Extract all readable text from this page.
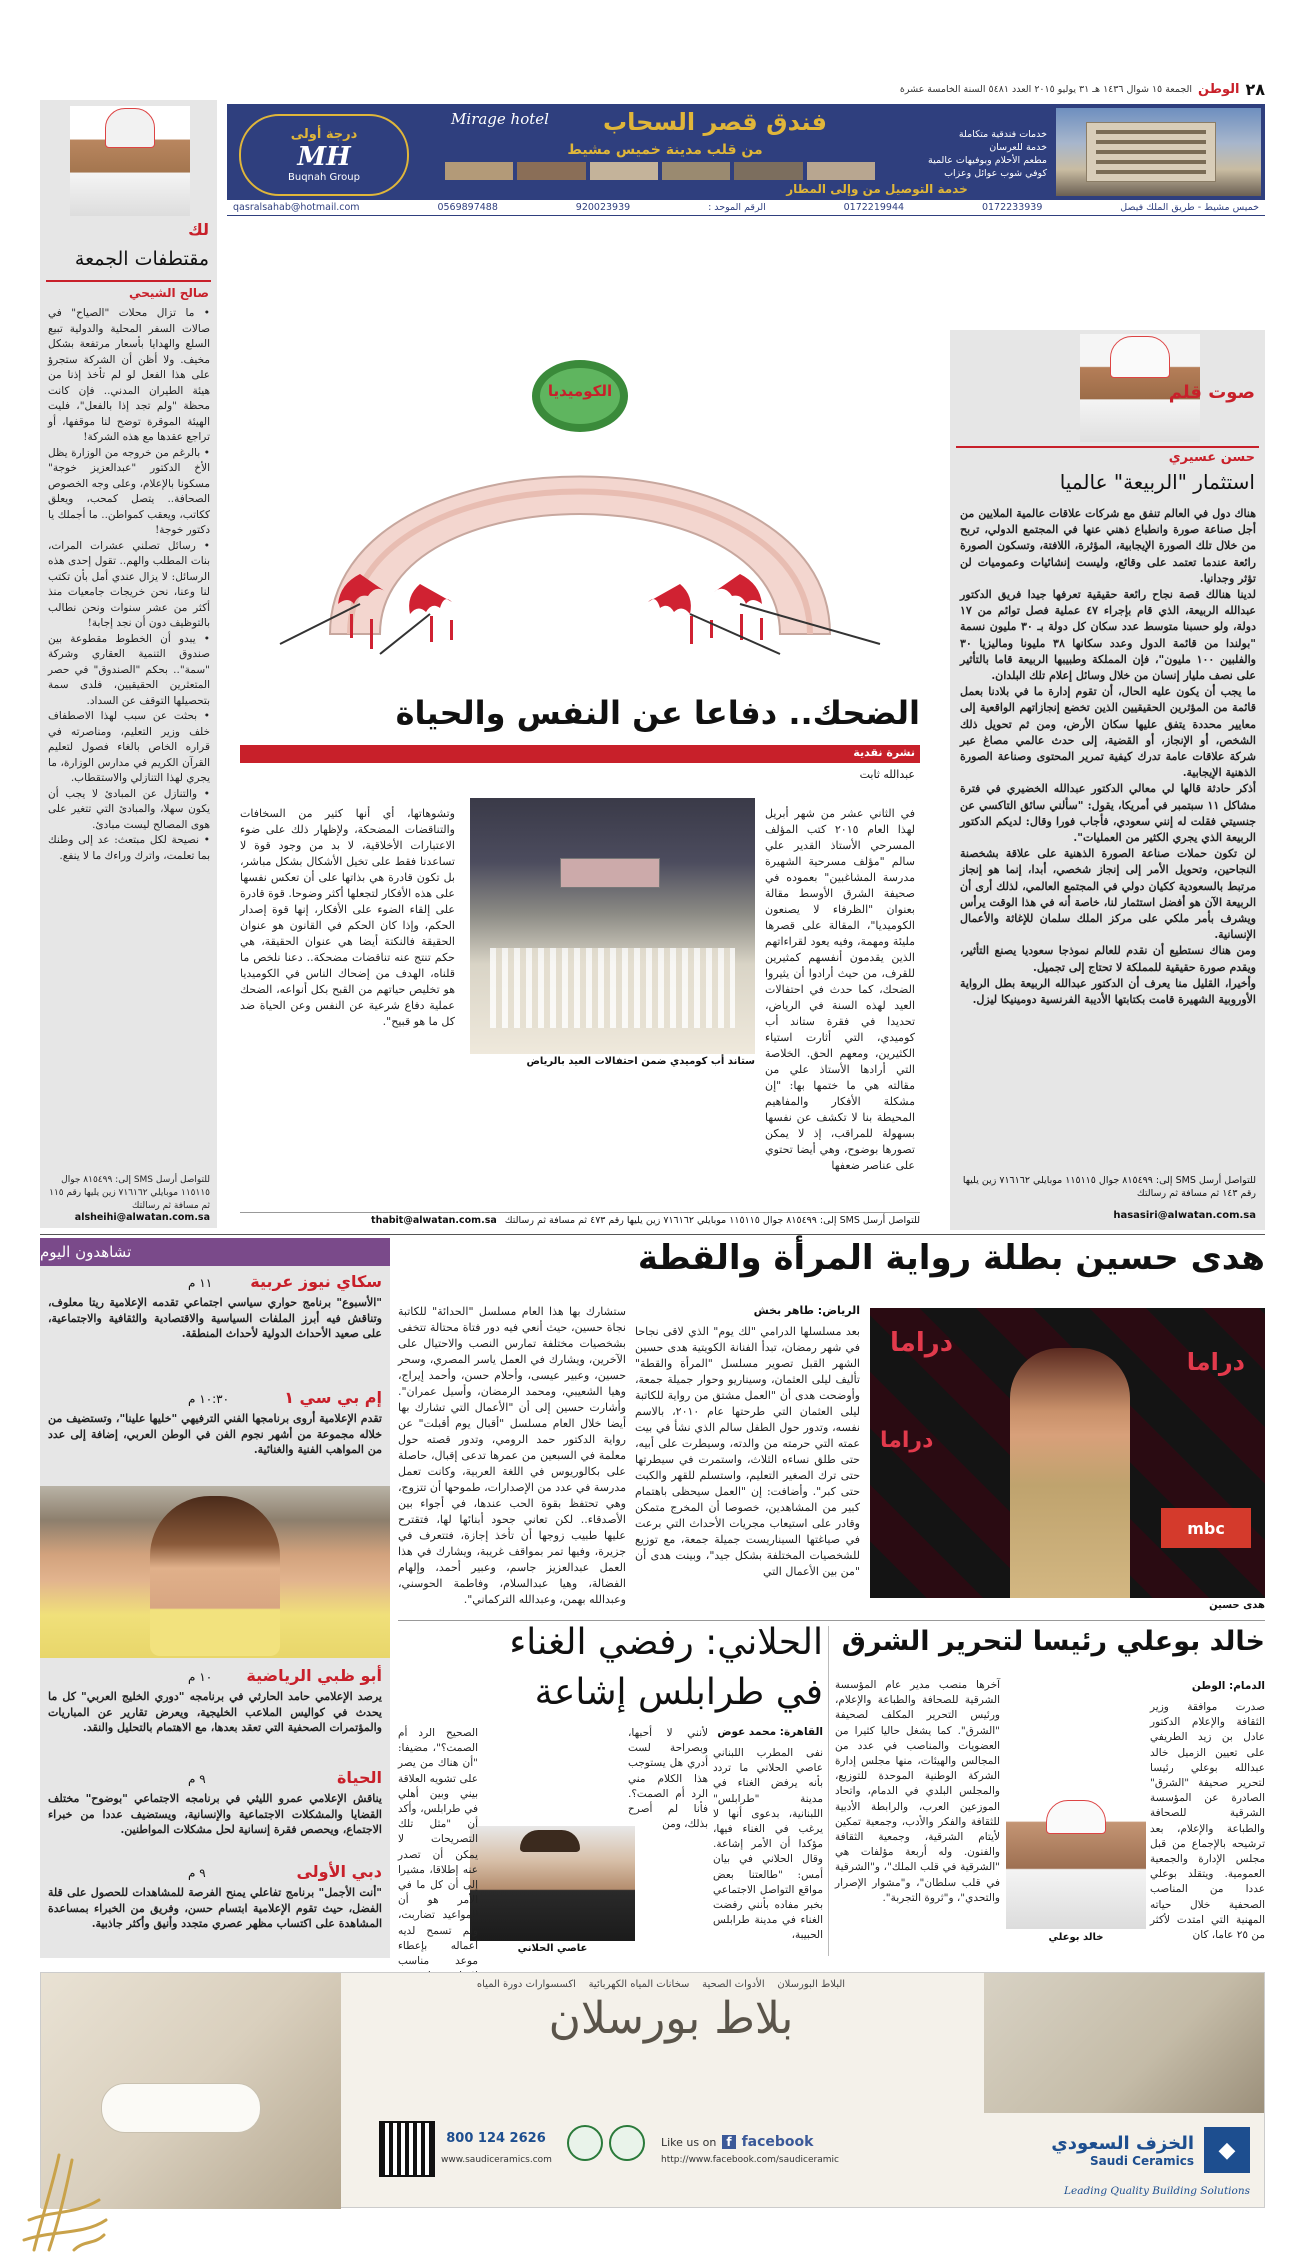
٢٨
الوطن
الجمعة ١٥ شوال ١٤٣٦ هـ ٣١ يوليو ٢٠١٥ العدد ٥٤٨١ السنة الخامسة عشرة
خدمات فندقية متكاملة
خدمة للعرسان
مطعم الأحلام وبوفيهات عالمية
كوفي شوب عوائل وعزاب
فندق قصر السحاب
Mirage hotel
من قلب مدينة خميس مشيط
خدمة التوصيل من وإلى المطار
درجة أولى
MH
Buqnah Group
خميس مشيط - طريق الملك فيصل
0172233939
0172219944
الرقم الموحد :
920023939
0569897488
qasralsahab@hotmail.com
لك
مقتطفات الجمعة
صالح الشيحي

• ما تزال محلات "الصياح" في صالات السفر المحلية والدولية تبيع السلع والهدايا بأسعار مرتفعة بشكل مخيف. ولا أظن أن الشركة ستجرؤ على هذا الفعل لو لم تأخذ إذنا من هيئة الطيران المدني.. فإن كانت محظة "ولم تجد إذا بالفعل"، فليت الهيئة الموقرة توضح لنا موقفها، أو تراجع عقدها مع هذه الشركة!

• بالرغم من خروجه من الوزارة يظل الأخ الدكتور "عبدالعزيز خوجة" مسكونا بالإعلام، وعلى وجه الخصوص الصحافة.. يتصل كمحب، ويعلق ككاتب، ويعقب كمواطن.. ما أجملك يا دكتور خوجة!

• رسائل تصلني عشرات المرات، بنات المطلب والهم.. تقول إحدى هذه الرسائل: لا يزال عندي أمل بأن تكتب لنا وعنا، نحن خريجات جامعيات منذ أكثر من عشر سنوات ونحن نطالب بالتوظيف دون أن نجد إجابة!

• يبدو أن الخطوط مقطوعة بين صندوق التنمية العقاري وشركة "سمة".. بحكم "الصندوق" في حصر المتعثرين الحقيقيين، فلدى سمة بتحصيلها التوقف عن السداد.

• بحثت عن سبب لهذا الاصطفاف خلف وزير التعليم، ومناصرته في قراره الخاص بالغاء فصول لتعليم القرآن الكريم في مدارس الوزارة، ما يجري لهذا التنازلي والاستقطاب.

• والتنازل عن المبادئ لا يجب أن يكون سهلا، والمبادئ التي تتغير على هوى المصالح ليست مبادئ.

• نصيحة لكل مبتعث: عد إلى وطنك بما تعلمت، واترك وراءك ما لا ينفع.

للتواصل أرسل SMS إلى: ٨١٥٤٩٩ جوال ١١٥١١٥ موبايلي ٧١٦١٦٢ زين يليها رقم ١١٥ ثم مسافة ثم رسالتك
alsheihi@alwatan.com.sa
صوت قلم
حسن عسيري
استثمار "الربيعة" عالميا

هناك دول في العالم تنفق مع شركات علاقات عالمية الملايين من أجل صناعة صورة وانطباع ذهني عنها في المجتمع الدولي، تربح من خلال تلك الصورة الإيجابية، المؤثرة، اللافتة، وتسكون الصورة رائعة عندما تعتمد على وقائع، وليست إنشائيات وعموميات لن تؤثر وجدانيا.

لدينا هنالك قصة نجاح رائعة حقيقية تعرفها جيدا فريق الدكتور عبدالله الربيعة، الذي قام بإجراء ٤٧ عملية فصل توائم من ١٧ دولة، ولو حسبنا متوسط عدد سكان كل دولة بـ ٣٠ مليون نسمة "بولندا من قائمة الدول وعدد سكانها ٣٨ مليونا وماليزيا ٣٠ والفلبين ١٠٠ مليون"، فإن المملكة وطبيبها الربيعة قاما بالتأثير على نصف مليار إنسان من خلال وسائل إعلام تلك البلدان.

ما يجب أن يكون عليه الحال، أن تقوم إدارة ما في بلادنا بعمل قائمة من المؤثرين الحقيقيين الذين تخضع إنجازاتهم الواقعية إلى معايير محددة يتفق عليها سكان الأرض، ومن ثم تحويل ذلك الشخص، أو الإنجاز، أو القضية، إلى حدث عالمي مصاغ عبر شركة علاقات عامة تدرك كيفية تمرير المحتوى وصناعة الصورة الذهنية الإيجابية.

أذكر حادثة قالها لي معالي الدكتور عبدالله الخضيري في فترة مشاكل ١١ سبتمبر في أمريكا، يقول: "سألني سائق التاكسي عن جنسيتي فقلت له إنني سعودي، فأجاب فورا وقال: لديكم الدكتور الربيعة الذي يجري الكثير من العمليات".

لن تكون حملات صناعة الصورة الذهنية على علاقة بشخصنة النجاحين، وتحويل الأمر إلى إنجاز شخصي، أبدا، إنما هو إنجاز مرتبط بالسعودية ككيان دولي في المجتمع العالمي، لذلك أرى أن الربيعة الآن هو أفضل استثمار لنا، خاصة أنه في هذا الوقت يرأس ويشرف بأمر ملكي على مركز الملك سلمان للإغاثة والأعمال الإنسانية.

ومن هناك نستطيع أن نقدم للعالم نموذجا سعوديا يصنع التأثير، ويقدم صورة حقيقية للمملكة لا تحتاج إلى تجميل.

وأخيرا، القليل منا يعرف أن الدكتور عبدالله الربيعة بطل الرواية الأوروبية الشهيرة قامت بكتابتها الأديبة الفرنسية دومينيكا ليزل.

للتواصل أرسل SMS إلى: ٨١٥٤٩٩ جوال ١١٥١١٥ موبايلي ٧١٦١٦٢ زين يليها رقم ١٤٣ ثم مسافة ثم رسالتك
hasasiri@alwatan.com.sa
الكوميديا
الضحك.. دفاعا عن النفس والحياة
نشرة نقدية
عبدالله ثابت
في الثاني عشر من شهر أبريل لهذا العام ٢٠١٥ كتب المؤلف المسرحي الأستاذ القدير علي سالم "مؤلف مسرحية الشهيرة مدرسة المشاغبين" بعموده في صحيفة الشرق الأوسط مقالة بعنوان "الظرفاء لا يصنعون الكوميديا"، المقالة على قصرها مليئة ومهمة، وفيه يعود لقراءاتهم الذين يقدمون أنفسهم كمثيرين للقرف، من حيث أرادوا أن يثيروا الضحك، كما حدث في احتفالات العيد لهذه السنة في الرياض، تحديدا في فقرة ستاند أب كوميدي، التي أثارت استياء الكثيرين، ومعهم الحق. الخلاصة التي أرادها الأستاذ علي من مقالته هي ما ختمها بها: "إن مشكلة الأفكار والمفاهيم المحيطة بنا لا تكشف عن نفسها بسهولة للمراقب، إذ لا يمكن تصورها بوضوح، وهي أيضا تحتوي على عناصر ضعفها
ستاند أب كوميدي ضمن احتفالات العيد بالرياض
وتشوهاتها، أي أنها كثير من السخافات والتناقضات المضحكة، ولإظهار ذلك على ضوء الاعتبارات الأخلاقية، لا بد من وجود قوة لا تساعدنا فقط على تخيل الأشكال بشكل مباشر، بل تكون قادرة هي بذاتها على أن تعكس نفسها على هذه الأفكار لتجعلها أكثر وضوحا. قوة قادرة على إلقاء الضوء على الأفكار، إنها قوة إصدار الحكم، وإذا كان الحكم في القانون هو عنوان الحقيقة فالنكتة أيضا هي عنوان الحقيقة، هي حكم تنتج عنه تناقضات مضحكة.. دعنا نلخص ما قلناه، الهدف من إضحاك الناس في الكوميديا هو تخليص حياتهم من القبح بكل أنواعه، الضحك عملية دفاع شرعية عن النفس وعن الحياة ضد كل ما هو قبيح".
للتواصل أرسل SMS إلى: ٨١٥٤٩٩ جوال ١١٥١١٥ موبايلي ٧١٦١٦٢ زين يليها رقم ٤٧٣ ثم مسافة ثم رسالتك
thabit@alwatan.com.sa
هدى حسين بطلة رواية المرأة والقطة
دراما
دراما
دراما
mbc
هدى حسين
الرياض: طاهر بخش
بعد مسلسلها الدرامي "لك يوم" الذي لاقى نجاحا في شهر رمضان، تبدأ الفنانة الكويتية هدى حسين الشهر القبل تصوير مسلسل "المرأة والقطة" تأليف ليلى العثمان، وسيناريو وحوار جميلة جمعة، وأوضحت هدى أن "العمل مشتق من رواية للكاتبة ليلى العثمان التي طرحتها عام ٢٠١٠، بالاسم نفسه، وتدور حول الطفل سالم الذي نشأ في بيت عمته التي حرمته من والدته، وسيطرت على أبيه، حتى طلق نساءه الثلاث، واستمرت في سيطرتها حتى ترك الصغير التعليم، واستسلم للقهر والكبت حتى كبر". وأضافت: إن "العمل سيحظى باهتمام كبير من المشاهدين، خصوصا أن المخرج متمكن وقادر على استيعاب مجريات الأحداث التي برعت في صياغتها السيناريست جميلة جمعة، مع توزيع للشخصيات المختلفة بشكل جيد"، وبينت هدى أن "من بين الأعمال التي
ستشارك بها هذا العام مسلسل "الحدائة" للكاتبة نجاة حسين، حيث أنعي فيه دور فتاة محتالة تتخفى بشخصيات مختلفة تمارس النصب والاحتيال على الآخرين، ويشارك في العمل ياسر المصري، وسحر حسين، وعبير عيسى، وأحلام حسن، وأحمد إيراج، وهيا الشعيبي، ومحمد الرمضان، وأسيل عمران". وأشارت حسين إلى أن "الأعمال التي تشارك بها أيضا خلال العام مسلسل "أقبال يوم أقبلت" عن رواية الدكتور حمد الرومي، وتدور قصته حول معلمة في السبعين من عمرها تدعى إقبال، حاصلة على بكالوريوس في اللغة العربية، وكانت تعمل مدرسة في عدد من الإصدارات، طموحها أن تتزوج، وهي تحتفظ بقوة الحب عندها، في أجواء بين الأصدقاء.. لكن تعاني جحود أبنائها لها، فتقترح عليها طبيب زوجها أن تأخذ إجازة، فتتعرف في جزيرة، وفيها تمر بمواقف غريبة، ويشارك في هذا العمل عبدالعزيز جاسم، وعبير أحمد، وإلهام الفضالة، وهيا عبدالسلام، وفاطمة الحوسني، وعبدالله بهمن، وعبدالله التركماني".
خالد بوعلي رئيسا لتحرير الشرق
الدمام: الوطن
صدرت موافقة وزير الثقافة والإعلام الدكتور عادل بن زيد الطريفي على تعيين الزميل خالد عبدالله بوعلي رئيسا لتحرير صحيفة "الشرق" الصادرة عن المؤسسة الشرقية للصحافة والطباعة والإعلام، بعد ترشيحه بالإجماع من قبل مجلس الإدارة والجمعية العمومية. ويتقلد بوعلي عددا من المناصب الصحفية خلال حياته المهنية التي امتدت لأكثر من ٢٥ عاما، كان
خالد بوعلي
آخرها منصب مدير عام المؤسسة الشرقية للصحافة والطباعة والإعلام، ورئيس التحرير المكلف لصحيفة "الشرق". كما يشغل حاليا كثيرا من العضويات والمناصب في عدد من المجالس والهيئات، منها مجلس إدارة الشركة الوطنية الموحدة للتوزيع، والمجلس البلدي في الدمام، واتحاد الموزعين العرب، والرابطة الأدبية للثقافة والفكر والأدب، وجمعية تمكين لأيتام الشرقية، وجمعية الثقافة والفنون. وله أربعة مؤلفات هي "الشرقية في قلب الملك"، و"الشرقية في قلب سلطان"، و"مشوار الإصرار والتحدي"، و"ثروة التجربة".
الحلاني: رفضي الغناء
في طرابلس إشاعة
القاهرة: محمد عوض
نفى المطرب اللبناني عاصي الحلاني ما تردد بأنه يرفض الغناء في مدينة "طرابلس" اللبنانية، بدعوى أنها لا يرغب في الغناء فيها، مؤكدا أن الأمر إشاعة. وقال الحلاني في بيان أمس: "طالعتنا بعض مواقع التواصل الاجتماعي بخبر مفاده بأنني رفضت الغناء في مدينة طرابلس الحبيبة،
لأنني لا أحبها، وبصراحة لست أدري هل يستوجب هذا الكلام مني الرد أم الصمت؟. فأنا لم أصرح بذلك، ومن
عاصي الحلاني
الصحيح الرد أم الصمت؟"، مضيفا: "أن هناك من يصر على تشويه العلاقة بيني وبين أهلي في طرابلس، وأكد أن "مثل تلك التصريحات لا يمكن أن تصدر عنه إطلاقا، مشيرا إلى أن كل ما في الأمر هو أن المواعيد تضاربت، ولم تسمح لديه أعماله بإعطاء موعد مناسب
تشاهدون اليوم
سكاي نيوز عربية
١١ م

"الأسبوع" برنامج حواري سياسي اجتماعي تقدمه الإعلامية ريتا معلوف، وتناقش فيه أبرز الملفات السياسية والاقتصادية والثقافية والاجتماعية، على صعيد الأحداث الدولية لأحداث المنطقة.

إم بي سي ١
١٠:٣٠ م

تقدم الإعلامية أروى برنامجها الفني الترفيهي "خليها علينا"، وتستضيف من خلاله مجموعة من أشهر نجوم الفن في الوطن العربي، إضافة إلى عدد من المواهب الفنية والغنائية.

أبو ظبي الرياضية
١٠ م

يرصد الإعلامي حامد الحارثي في برنامجه "دوري الخليج العربي" كل ما يحدث في كواليس الملاعب الخليجية، ويعرض تقارير عن المباريات والمؤتمرات الصحفية التي تعقد بعدها، مع الاهتمام بالتحليل والنقد.

الحياة
٩ م

يناقش الإعلامي عمرو الليثي في برنامجه الاجتماعي "بوضوح" مختلف القضايا والمشكلات الاجتماعية والإنسانية، ويستضيف عددا من خبراء الاجتماع، ويحصص فقرة إنسانية لحل مشكلات المواطنين.

دبي الأولى
٩ م

"أنت الأجمل" برنامج تفاعلي يمنح الفرصة للمشاهدات للحصول على قلة الفضل، حيث تقوم الإعلامية ابتسام حسن، وفريق من الخبراء بمساعدة المشاهدة على اكتساب مظهر عصري متجدد وأنيق وأكثر جاذبية.

بلاط بورسلان
البلاط البورسلان    الأدوات الصحية    سخانات المياه الكهربائية    اكسسوارات دورة المياه
◆
الخزف السعودي
Saudi Ceramics
Like us on f facebook
http://www.facebook.com/saudiceramic
Leading Quality Building Solutions
800 124 2626
www.saudiceramics.com
